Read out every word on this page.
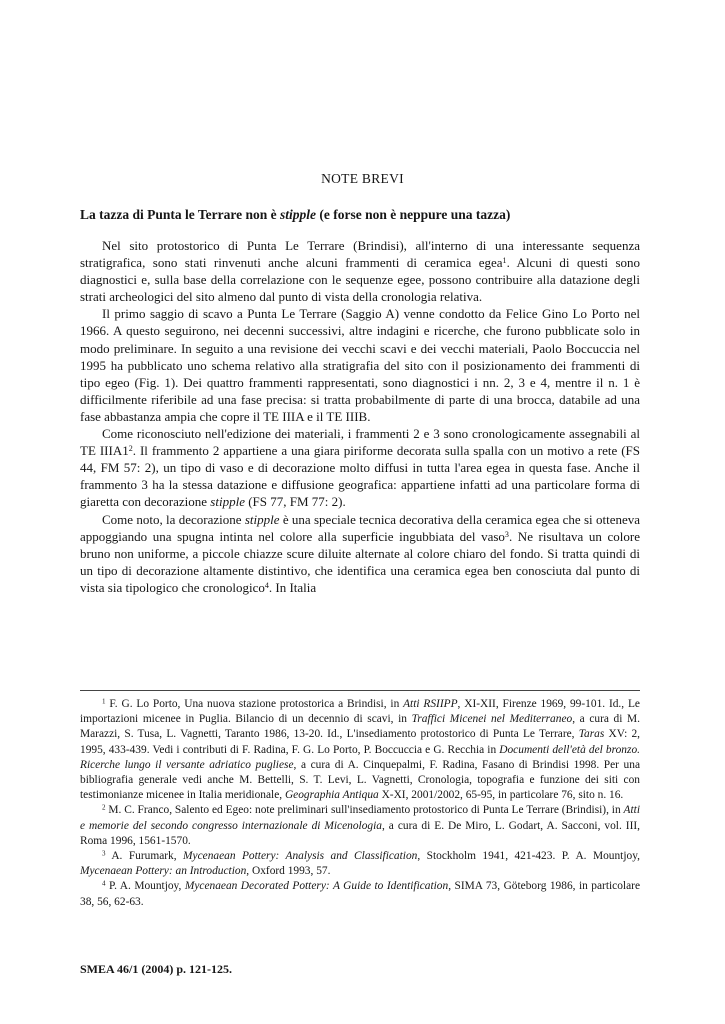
NOTE BREVI
La tazza di Punta le Terrare non è stipple (e forse non è neppure una tazza)

Nel sito protostorico di Punta Le Terrare (Brindisi), all'interno di una interessante sequenza stratigrafica, sono stati rinvenuti anche alcuni frammenti di ceramica egea$^1$. Alcuni di questi sono diagnostici e, sulla base della correlazione con le sequenze egee, possono contribuire alla datazione degli strati archeologici del sito almeno dal punto di vista della cronologia relativa.

Il primo saggio di scavo a Punta Le Terrare (Saggio A) venne condotto da Felice Gino Lo Porto nel 1966. A questo seguirono, nei decenni successivi, altre indagini e ricerche, che furono pubblicate solo in modo preliminare. In seguito a una revisione dei vecchi scavi e dei vecchi materiali, Paolo Boccuccia nel 1995 ha pubblicato uno schema relativo alla stratigrafia del sito con il posizionamento dei frammenti di tipo egeo (Fig. 1). Dei quattro frammenti rappresentati, sono diagnostici i nn. 2, 3 e 4, mentre il n. 1 è difficilmente riferibile ad una fase precisa: si tratta probabilmente di parte di una brocca, databile ad una fase abbastanza ampia che copre il TE IIIA e il TE IIIB.

Come riconosciuto nell'edizione dei materiali, i frammenti 2 e 3 sono cronologicamente assegnabili al TE $IIIA1^2$. Il frammento 2 appartiene a una giara piriforme decorata sulla spalla con un motivo a rete (FS 44, FM 57: 2), un tipo di vaso e di decorazione molto diffusi in tutta l'area egea in questa fase. Anche il frammento 3 ha la stessa datazione e diffusione geografica: appartiene infatti ad una particolare forma di giaretta con decorazione stipple (FS 77, FM 77: 2).

Come noto, la decorazione stipple è una speciale tecnica decorativa della ceramica egea che si otteneva appoggiando una spugna intinta nel colore alla superficie ingubbiata del vaso$^3$. Ne risultava un colore bruno non uniforme, a piccole chiazze scure diluite alternate al colore chiaro del fondo. Si tratta quindi di un tipo di decorazione altamente distintivo, che identifica una ceramica egea ben conosciuta dal punto di vista sia tipologico che cronologico$^4$. In Italia

$^1$ F. G. Lo Porto, Una nuova stazione protostorica a Brindisi, in Atti RSIIPP, XI-XII, Firenze 1969, 99-101. Id., Le importazioni micenee in Puglia. Bilancio di un decennio di scavi, in Traffici Micenei nel Mediterraneo, a cura di M. Marazzi, S. Tusa, L. Vagnetti, Taranto 1986, 13-20. Id., L'insediamento protostorico di Punta Le Terrare, Taras XV: 2, 1995, 433-439. Vedi i contributi di F. Radina, F. G. Lo Porto, P. Boccuccia e G. Recchia in Documenti dell'età del bronzo. Ricerche lungo il versante adriatico pugliese, a cura di A. Cinquepalmi, F. Radina, Fasano di Brindisi 1998. Per una bibliografia generale vedi anche M. Bettelli, S. T. Levi, L. Vagnetti, Cronologia, topografia e funzione dei siti con testimonianze micenee in Italia meridionale, Geographia Antiqua X-XI, 2001/2002, 65-95, in particolare 76, sito n. 16.

$^2$ M. C. Franco, Salento ed Egeo: note preliminari sull'insediamento protostorico di Punta Le Terrare (Brindisi), in Atti e memorie del secondo congresso internazionale di Micenologia, a cura di E. De Miro, L. Godart, A. Sacconi, vol. III, Roma 1996, 1561-1570.

$^3$ A. Furumark, Mycenaean Pottery: Analysis and Classification, Stockholm 1941, 421-423. P. A. Mountjoy, Mycenaean Pottery: an Introduction, Oxford 1993, 57.

$^4$ P. A. Mountjoy, Mycenaean Decorated Pottery: A Guide to Identification, SIMA 73, Göteborg 1986, in particolare 38, 56, 62-63.

SMEA 46/1 (2004) p. 121-125.
